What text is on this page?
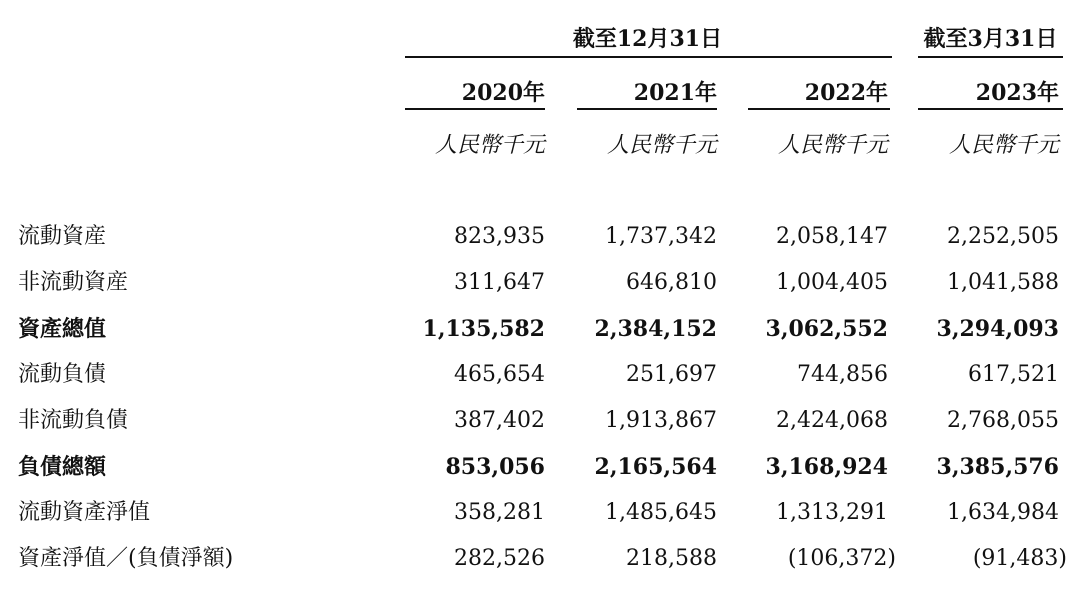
截至12月31日	截至3月31日
2020年	2021年	2022年	2023年
人民幣千元	人民幣千元	人民幣千元	人民幣千元
流動資産	823,935	1,737,342	2,058,147	2,252,505
非流動資産	311,647	646,810	1,004,405	1,041,588
資產總值	1,135,582 2,384,152 3,062,552 3,294,093
流動負債	465,654	251,697	744,856	617,521
非流動負債	387,402	1,913,867	2,424,068	2,768,055
負債總額	853,056 2,165,564 3,168,924 3,385,576
流動資產淨值	358,281	1,485,645	1,313,291	1,634,984
資產淨值／(負債淨額)	282,526	218,588	(106,372)	(91,483)
